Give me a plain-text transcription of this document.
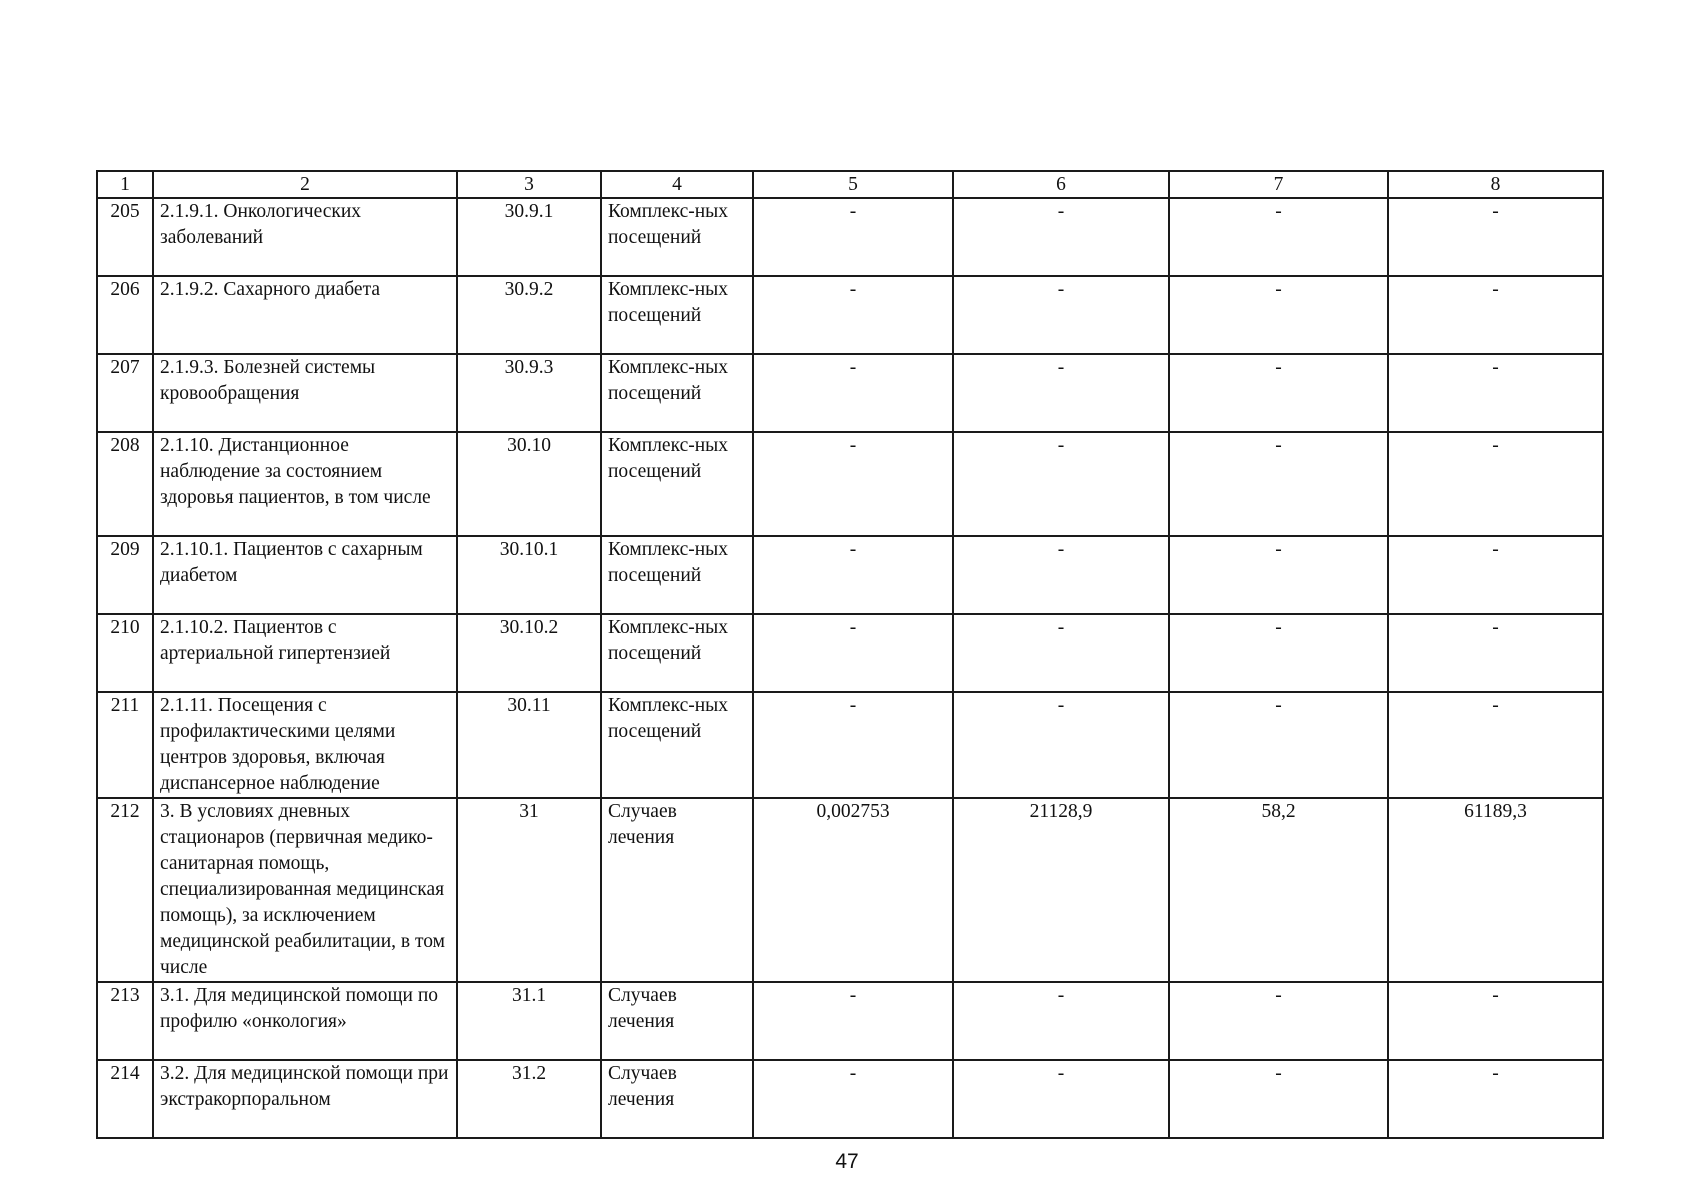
1	2	3	4	5	6	7	8
205	2.1.9.1. Онкологических заболеваний	30.9.1	Комплекс-ных посещений	-	-	-	-
206	2.1.9.2. Сахарного диабета	30.9.2	Комплекс-ных посещений	-	-	-	-
207	2.1.9.3. Болезней системы кровообращения	30.9.3	Комплекс-ных посещений	-	-	-	-
208	2.1.10. Дистанционное наблюдение за состоянием здоровья пациентов, в том числе	30.10	Комплекс-ных посещений	-	-	-	-
209	2.1.10.1. Пациентов с сахарным диабетом	30.10.1	Комплекс-ных посещений	-	-	-	-
210	2.1.10.2. Пациентов с артериальной гипертензией	30.10.2	Комплекс-ных посещений	-	-	-	-
211	2.1.11. Посещения с профилактическими целями центров здоровья, включая диспансерное наблюдение	30.11	Комплекс-ных посещений	-	-	-	-
212	3. В условиях дневных стационаров (первичная медико-санитарная помощь, специализированная медицинская помощь), за исключением медицинской реабилитации, в том числе	31	Случаев лечения	0,002753	21128,9	58,2	61189,3
213	3.1. Для медицинской помощи по профилю «онкология»	31.1	Случаев лечения	-	-	-	-
214	3.2. Для медицинской помощи при экстракорпоральном	31.2	Случаев лечения	-	-	-	-
47
